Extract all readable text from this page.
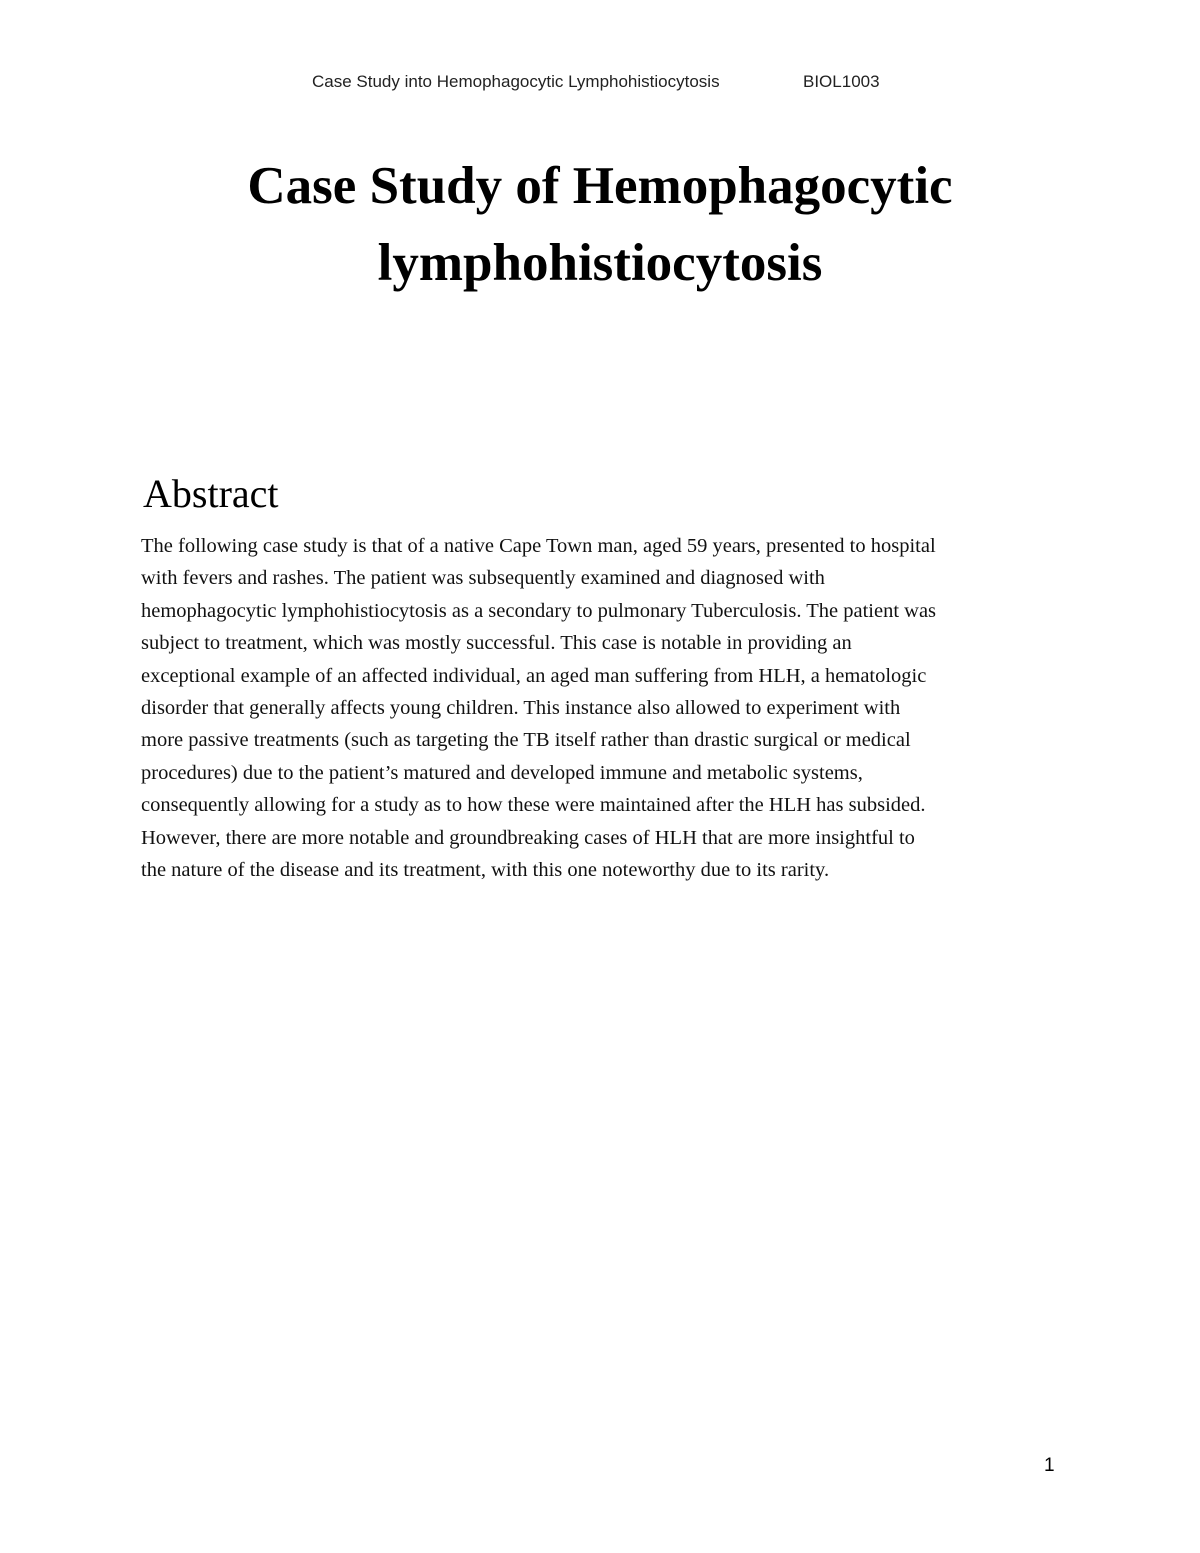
Case Study into Hemophagocytic Lymphohistiocytosis	BIOL1003
Case Study of Hemophagocytic
lymphohistiocytosis
Abstract
The following case study is that of a native Cape Town man, aged 59 years, presented to hospital
with fevers and rashes. The patient was subsequently examined and diagnosed with
hemophagocytic lymphohistiocytosis as a secondary to pulmonary Tuberculosis. The patient was
subject to treatment, which was mostly successful. This case is notable in providing an
exceptional example of an affected individual, an aged man suffering from HLH, a hematologic
disorder that generally affects young children. This instance also allowed to experiment with
more passive treatments (such as targeting the TB itself rather than drastic surgical or medical
procedures) due to the patient’s matured and developed immune and metabolic systems,
consequently allowing for a study as to how these were maintained after the HLH has subsided.
However, there are more notable and groundbreaking cases of HLH that are more insightful to
the nature of the disease and its treatment, with this one noteworthy due to its rarity.
1
